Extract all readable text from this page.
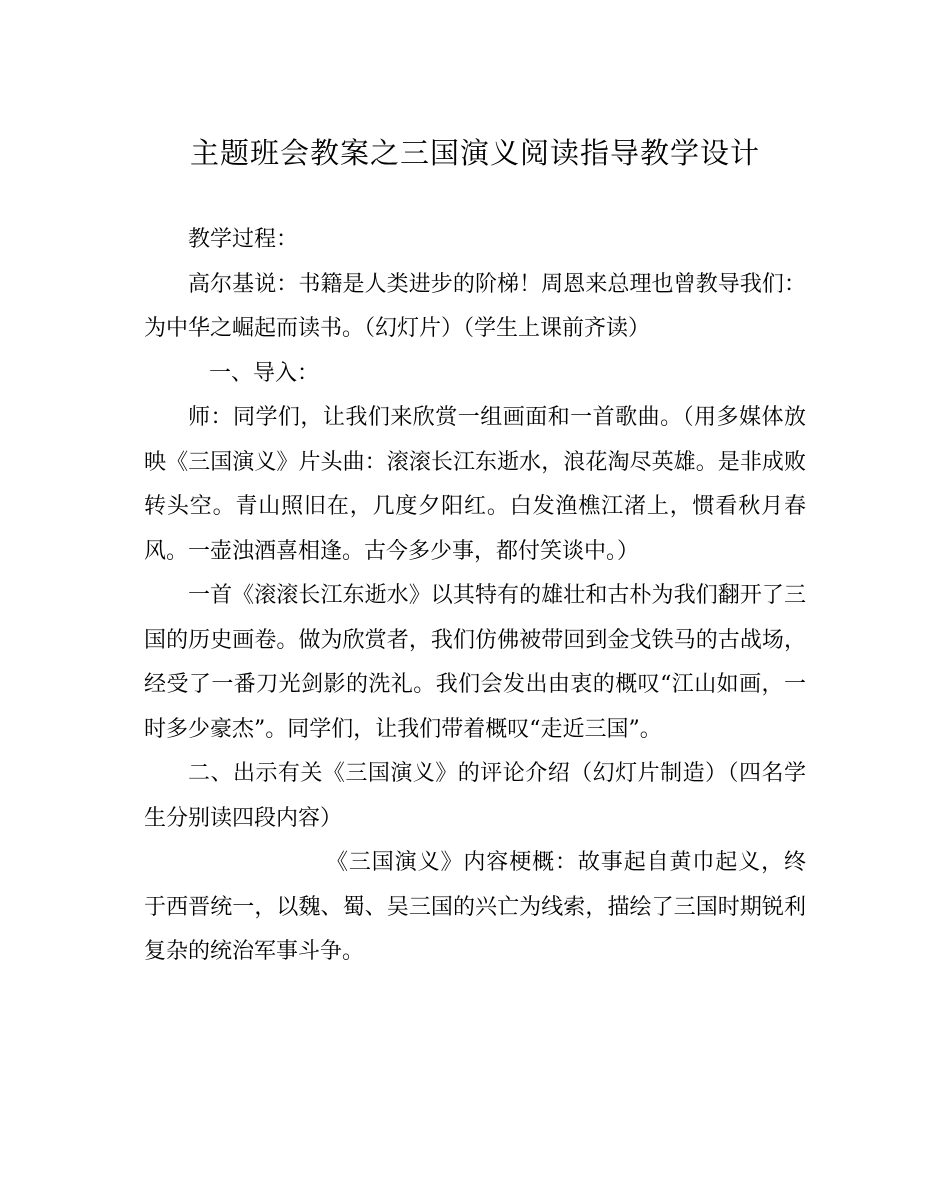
主题班会教案之三国演义阅读指导教学设计

教学过程：

高尔基说：书籍是人类进步的阶梯！周恩来总理也曾教导我们：为中华之崛起而读书。（幻灯片）（学生上课前齐读）

一、导入：

师：同学们，让我们来欣赏一组画面和一首歌曲。（用多媒体放映《三国演义》片头曲：滚滚长江东逝水，浪花淘尽英雄。是非成败转头空。青山照旧在，几度夕阳红。白发渔樵江渚上，惯看秋月春风。一壶浊酒喜相逢。古今多少事，都付笑谈中。）

一首《滚滚长江东逝水》以其特有的雄壮和古朴为我们翻开了三国的历史画卷。做为欣赏者，我们仿佛被带回到金戈铁马的古战场，经受了一番刀光剑影的洗礼。我们会发出由衷的概叹“江山如画，一时多少豪杰”。同学们，让我们带着概叹“走近三国”。

二、出示有关《三国演义》的评论介绍（幻灯片制造）（四名学生分别读四段内容）

《三国演义》内容梗概：故事起自黄巾起义，终于西晋统一，以魏、蜀、吴三国的兴亡为线索，描绘了三国时期锐利复杂的统治军事斗争。
